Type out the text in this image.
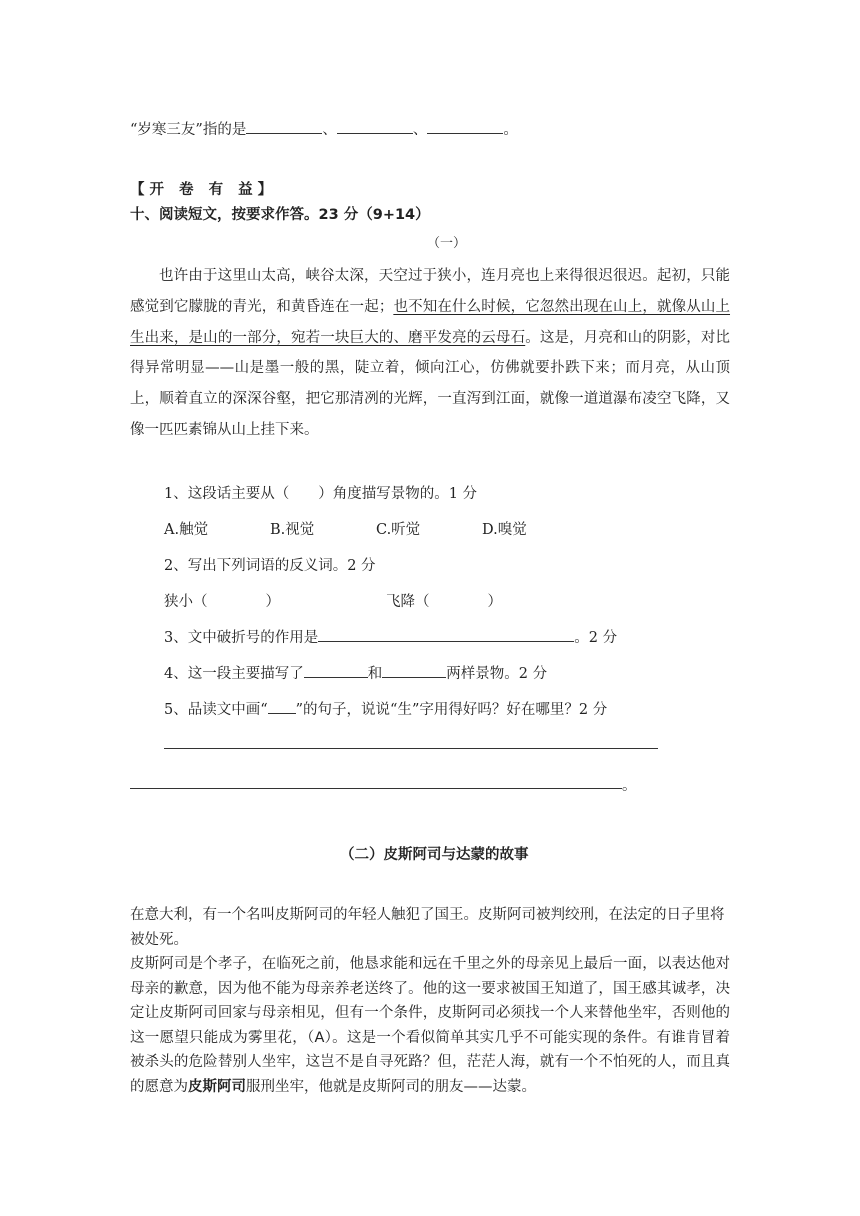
“岁寒三友”指的是	、	、	。
【开 卷 有 益】
十、阅读短文，按要求作答。23 分（9+14）
（一）
也许由于这里山太高，峡谷太深，天空过于狭小，连月亮也上来得很迟很迟。起初，只能感觉到它朦胧的青光，和黄昏连在一起；也不知在什么时候，它忽然出现在山上，就像从山上生出来，是山的一部分，宛若一块巨大的、磨平发亮的云母石。这是，月亮和山的阴影，对比得异常明显——山是墨一般的黑，陡立着，倾向江心，仿佛就要扑跌下来；而月亮，从山顶上，顺着直立的深深谷壑，把它那清冽的光辉，一直泻到江面，就像一道道瀑布凌空飞降，又像一匹匹素锦从山上挂下来。
1、这段话主要从（　　）角度描写景物的。1 分
A.触觉	B.视觉	C.听觉	D.嗅觉
2、写出下列词语的反义词。2 分
狭小（　　　　）	飞降（　　　　）
3、文中破折号的作用是	。2 分
4、这一段主要描写了	和	两样景物。2 分
5、品读文中画“ ”的句子，说说“生”字用得好吗？好在哪里？2 分
。
（二）皮斯阿司与达蒙的故事
在意大利，有一个名叫皮斯阿司的年轻人触犯了国王。皮斯阿司被判绞刑，在法定的日子里将被处死。
皮斯阿司是个孝子，在临死之前，他恳求能和远在千里之外的母亲见上最后一面，以表达他对母亲的歉意，因为他不能为母亲养老送终了。他的这一要求被国王知道了，国王感其诚孝，决定让皮斯阿司回家与母亲相见，但有一个条件，皮斯阿司必须找一个人来替他坐牢，否则他的这一愿望只能成为雾里花，（A）。这是一个看似简单其实几乎不可能实现的条件。有谁肯冒着被杀头的危险替别人坐牢，这岂不是自寻死路？但，茫茫人海，就有一个不怕死的人，而且真的愿意为皮斯阿司服刑坐牢，他就是皮斯阿司的朋友——达蒙。
